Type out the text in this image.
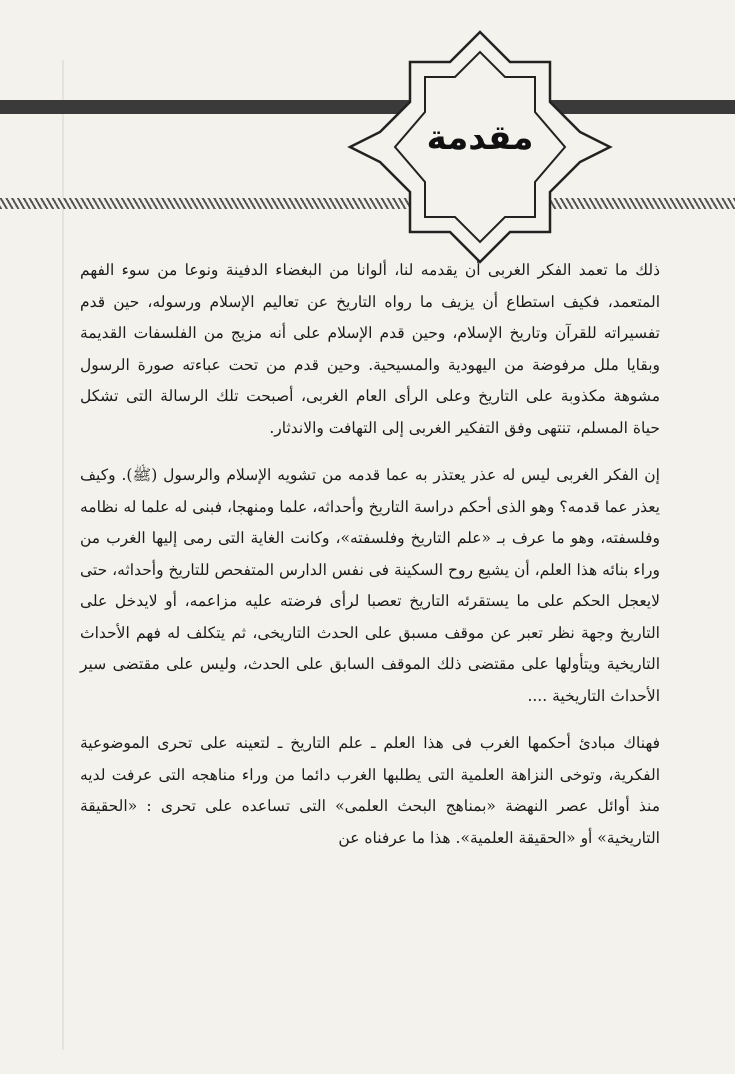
مقدمة

ذلك ما تعمد الفكر الغربى أن يقدمه لنا، ألوانا من البغضاء الدفينة ونوعا من سوء الفهم المتعمد، فكيف استطاع أن يزيف ما رواه التاريخ عن تعاليم الإسلام ورسوله، حين قدم تفسيراته للقرآن وتاريخ الإسلام، وحين قدم الإسلام على أنه مزيج من الفلسفات القديمة وبقايا ملل مرفوضة من اليهودية والمسيحية. وحين قدم من تحت عباءته صورة الرسول مشوهة مكذوبة على التاريخ وعلى الرأى العام الغربى، أصبحت تلك الرسالة التى تشكل حياة المسلم، تنتهى وفق التفكير الغربى إلى التهافت والاندثار.

إن الفكر الغربى ليس له عذر يعتذر به عما قدمه من تشويه الإسلام والرسول (ﷺ). وكيف يعذر عما قدمه؟ وهو الذى أحكم دراسة التاريخ وأحداثه، علما ومنهجا، فبنى له علما له نظامه وفلسفته، وهو ما عرف بـ «علم التاريخ وفلسفته»، وكانت الغاية التى رمى إليها الغرب من وراء بنائه هذا العلم، أن يشيع روح السكينة فى نفس الدارس المتفحص للتاريخ وأحداثه، حتى لايعجل الحكم على ما يستقرئه التاريخ تعصبا لرأى فرضته عليه مزاعمه، أو لايدخل على التاريخ وجهة نظر تعبر عن موقف مسبق على الحدث التاريخى، ثم يتكلف له فهم الأحداث التاريخية ويتأولها على مقتضى ذلك الموقف السابق على الحدث، وليس على مقتضى سير الأحداث التاريخية ....

فهناك مبادئ أحكمها الغرب فى هذا العلم ـ علم التاريخ ـ لتعينه على تحرى الموضوعية الفكرية، وتوخى النزاهة العلمية التى يطلبها الغرب دائما من وراء مناهجه التى عرفت لديه منذ أوائل عصر النهضة «بمناهج البحث العلمى» التى تساعده على تحرى : «الحقيقة التاريخية» أو «الحقيقة العلمية». هذا ما عرفناه عن
